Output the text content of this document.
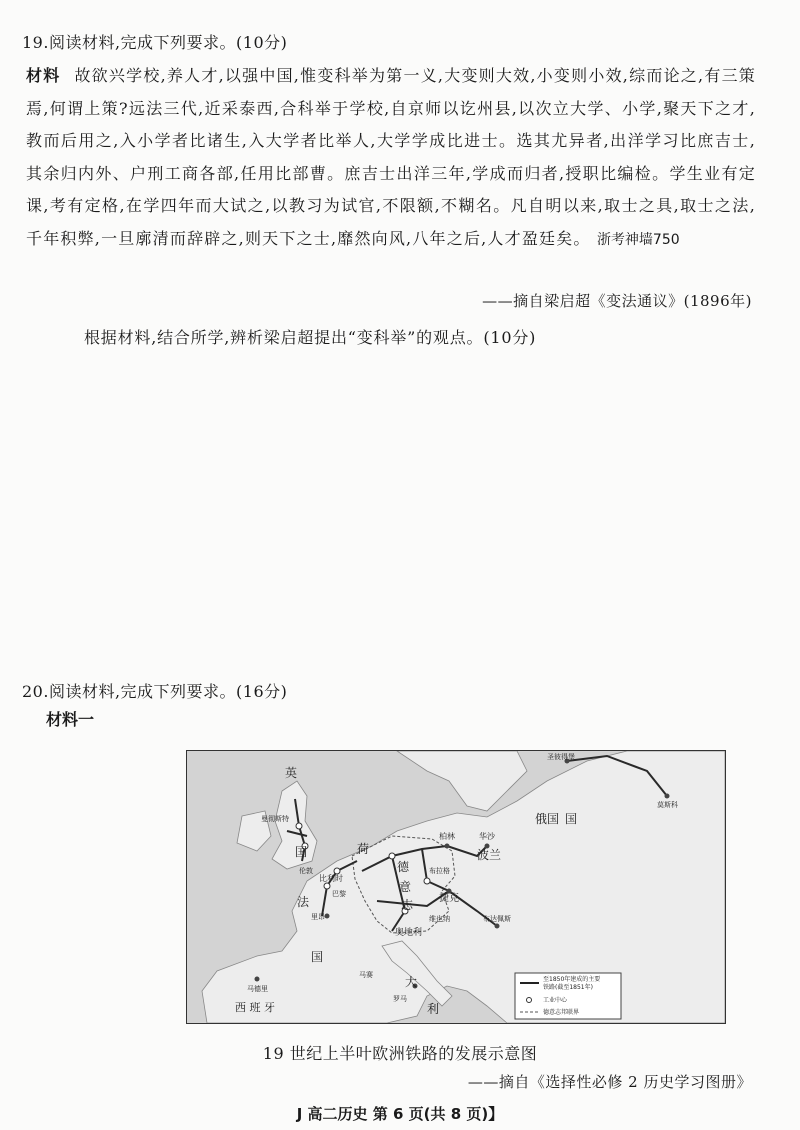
19.阅读材料,完成下列要求。(10分)
材料 故欲兴学校,养人才,以强中国,惟变科举为第一义,大变则大效,小变则小效,综而论之,有三策焉,何谓上策?远法三代,近采泰西,合科举于学校,自京师以讫州县,以次立大学、小学,聚天下之才,教而后用之,入小学者比诸生,入大学者比举人,大学学成比进士。选其尤异者,出洋学习比庶吉士,其余归内外、户刑工商各部,任用比部曹。庶吉士出洋三年,学成而归者,授职比编检。学生业有定课,考有定格,在学四年而大试之,以教习为试官,不限额,不糊名。凡自明以来,取士之具,取士之法,千年积弊,一旦廓清而辞辟之,则天下之士,靡然向风,八年之后,人才盈廷矣。 浙考神墙750
——摘自梁启超《变法通议》(1896年)
根据材料,结合所学,辨析梁启超提出“变科举”的观点。(10分)
20.阅读材料,完成下列要求。(16分)
材料一
英
国
曼彻斯特
伦敦
荷
比利时
德
意
志
柏林	华沙
波兰
俄国 国
圣彼得堡
莫斯科
布拉格
捷克
维也纳	布达佩斯
奥地利
巴黎
法
国
里昂
马赛
马德里
西 班 牙
大
利
罗马
至1850年建成的主要
铁路(截至1851年)
工业中心
德意志邦联界
19 世纪上半叶欧洲铁路的发展示意图
——摘自《选择性必修 2 历史学习图册》
J 高二历史 第 6 页(共 8 页)】
